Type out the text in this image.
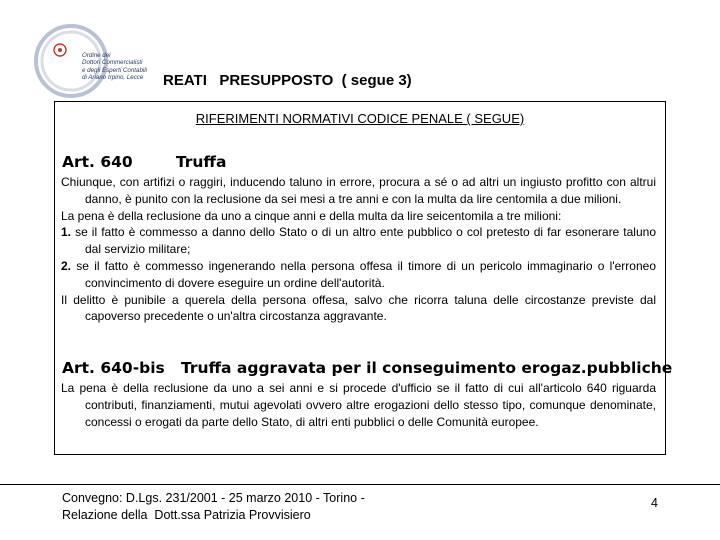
Ordine dei
Dottori Commercialisti
e degli Esperti Contabili
di Ariano Irpino, Lecce	REATI   PRESUPPOSTO  ( segue 3)
RIFERIMENTI NORMATIVI CODICE PENALE ( SEGUE)
Art. 640        Truffa

Chiunque, con artifizi o raggiri, inducendo taluno in errore, procura a sé o ad altri un ingiusto profitto con altrui danno, è punito con la reclusione da sei mesi a tre anni e con la multa da lire centomila a due milioni.

La pena è della reclusione da uno a cinque anni e della multa da lire seicentomila a tre milioni:

1. se il fatto è commesso a danno dello Stato o di un altro ente pubblico o col pretesto di far esonerare taluno dal servizio militare;

2. se il fatto è commesso ingenerando nella persona offesa il timore di un pericolo immaginario o l'erroneo convincimento di dovere eseguire un ordine dell'autorità.

Il delitto è punibile a querela della persona offesa, salvo che ricorra taluna delle circostanze previste dal capoverso precedente o un'altra circostanza aggravante.

Art. 640-bis   Truffa aggravata per il conseguimento erogaz.pubbliche

La pena è della reclusione da uno a sei anni e si procede d'ufficio se il fatto di cui all'articolo 640 riguarda contributi, finanziamenti, mutui agevolati ovvero altre erogazioni dello stesso tipo, comunque denominate, concessi o erogati da parte dello Stato, di altri enti pubblici o delle Comunità europee.

Convegno: D.Lgs. 231/2001 - 25 marzo 2010 - Torino -
Relazione della  Dott.ssa Patrizia Provvisiero
4
